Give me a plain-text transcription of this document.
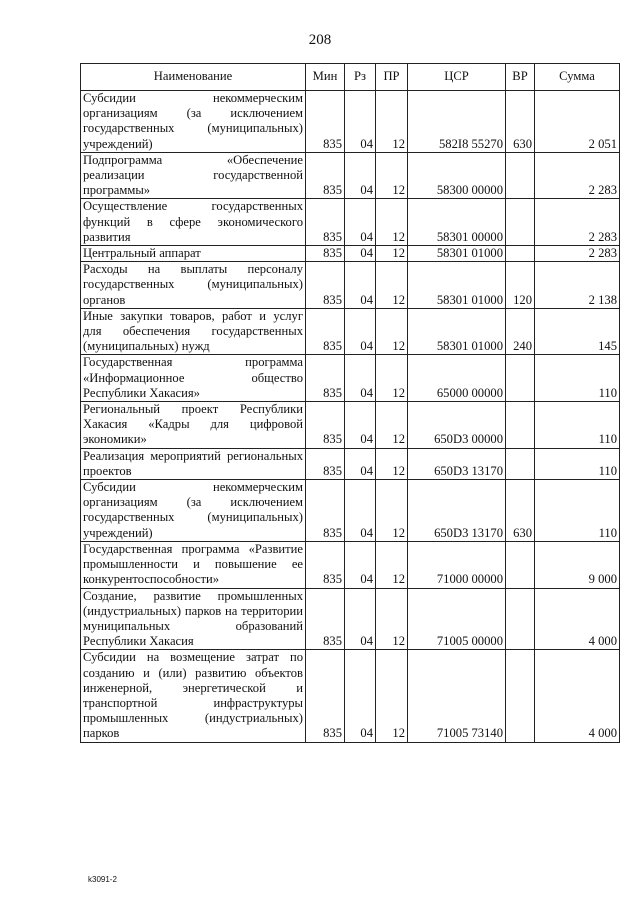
208
Наименование	Мин	Рз	ПР	ЦСР	ВР	Сумма
Субсидии некоммерческим организациям (за исключением государственных (муниципальных) учреждений)	835	04	12	582I8 55270	630	2 051
Подпрограмма «Обеспечение реализации государственной программы»	835	04	12	58300 00000		2 283
Осуществление государственных функций в сфере экономического развития	835	04	12	58301 00000		2 283
Центральный аппарат	835	04	12	58301 01000		2 283
Расходы на выплаты персоналу государственных (муниципальных) органов	835	04	12	58301 01000	120	2 138
Иные закупки товаров, работ и услуг для обеспечения государственных (муниципальных) нужд	835	04	12	58301 01000	240	145
Государственная программа «Информационное общество Республики Хакасия»	835	04	12	65000 00000		110
Региональный проект Республики Хакасия «Кадры для цифровой экономики»	835	04	12	650D3 00000		110
Реализация мероприятий региональных проектов	835	04	12	650D3 13170		110
Субсидии некоммерческим организациям (за исключением государственных (муниципальных) учреждений)	835	04	12	650D3 13170	630	110
Государственная программа «Развитие промышленности и повышение ее конкурентоспособности»	835	04	12	71000 00000		9 000
Создание, развитие промышленных (индустриальных) парков на территории муниципальных образований Республики Хакасия	835	04	12	71005 00000		4 000
Субсидии на возмещение затрат по созданию и (или) развитию объектов инженерной, энергетической и транспортной инфраструктуры промышленных (индустриальных) парков	835	04	12	71005 73140		4 000
k3091-2
